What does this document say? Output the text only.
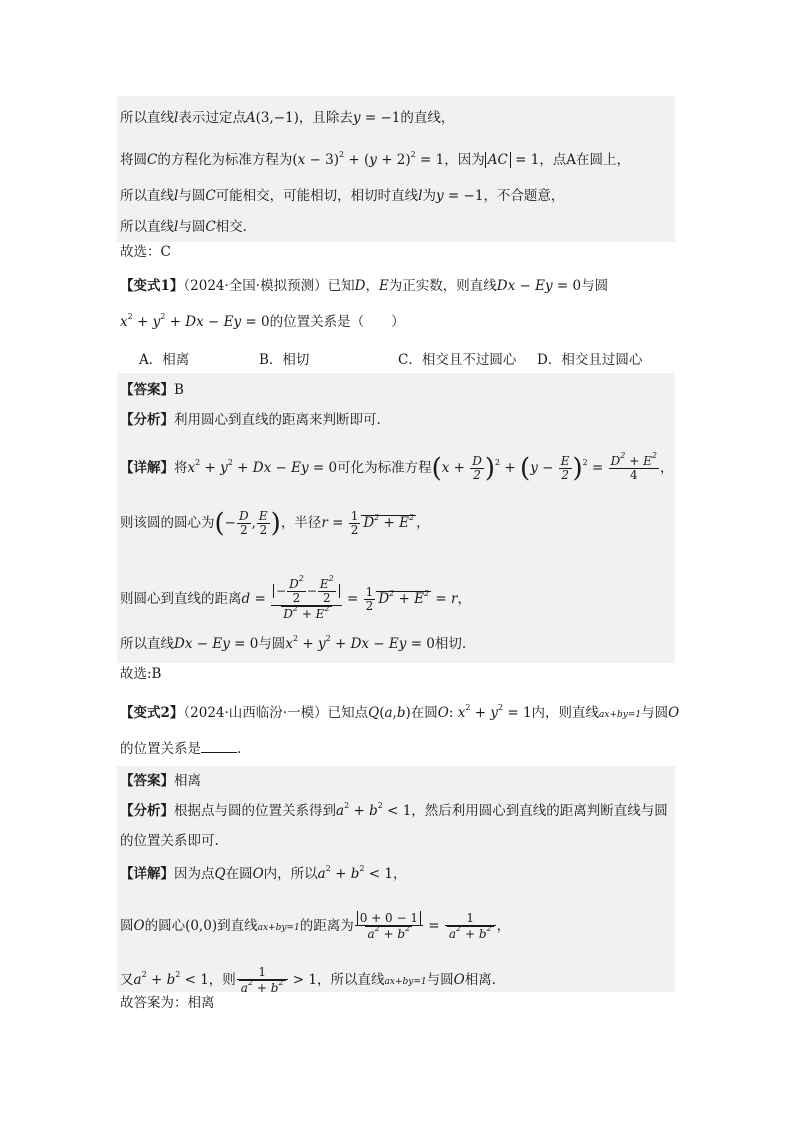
所以直线l表示过定点A(3,−1)，且除去y = −1的直线，
将圆C的方程化为标准方程为$(x - 3)^2 + (y + 2)^2 = 1$，因为 AC = 1，点A在圆上，
所以直线l与圆C可能相交，可能相切，相切时直线l为y = −1，不合题意，
所以直线l与圆C相交.
故选：C
【变式1】（2024·全国·模拟预测）已知D，E为正实数，则直线Dx − Ey = 0与圆
$x^2 + y^2 + Dx - Ey = 0$的位置关系是（　　）
A．相离	B．相切	C．相交且不过圆心 D．相交且过圆心
【答案】B
【分析】利用圆心到直线的距离来判断即可.
【详解】将$x^2 + y^2 + Dx - Ey = 0$可化为标准方程$(x + \frac{D}{2} )^2 + (y - \frac{E}{2} )^2 = \frac{D^2 + E^2}{4}$ ，
则该圆的圆心为(− $\frac{D}{2}$ , $\frac{E}{2}$ )，半径$r = \frac{1}{2} D^2 + E^2$ ，
则圆心到直线的距离$d = \frac{- \frac{D^2}{2} - \frac{E^2}{2}}{D^2 + E^2} = \frac{1}{2} D^2 + E^2 = r$，
所以直线Dx − Ey = 0与圆$x^2 + y^2 + Dx - Ey = 0$相切.
故选:B
【变式2】（2024·山西临汾·一模）已知点Q(a,b)在圆O: $x^2 + y^2 = 1$内，则直线ax+by=1与圆O
的位置关系是	.
【答案】相离
【分析】根据点与圆的位置关系得到$a^2 + b^2 < 1$，然后利用圆心到直线的距离判断直线与圆
的位置关系即可.
【详解】因为点Q在圆O内，所以$a^2 + b^2 < 1$，
圆O的圆心(0,0)到直线ax+by=1的距离为 $\frac{0 + 0 - 1}{a^2 + b^2} = \frac{1}{a^2 + b^2}$ ，
又$a^2 + b^2 < 1$，则 $\frac{1}{a^2 + b^2} > 1$，所以直线ax+by=1与圆O相离.
故答案为：相离
